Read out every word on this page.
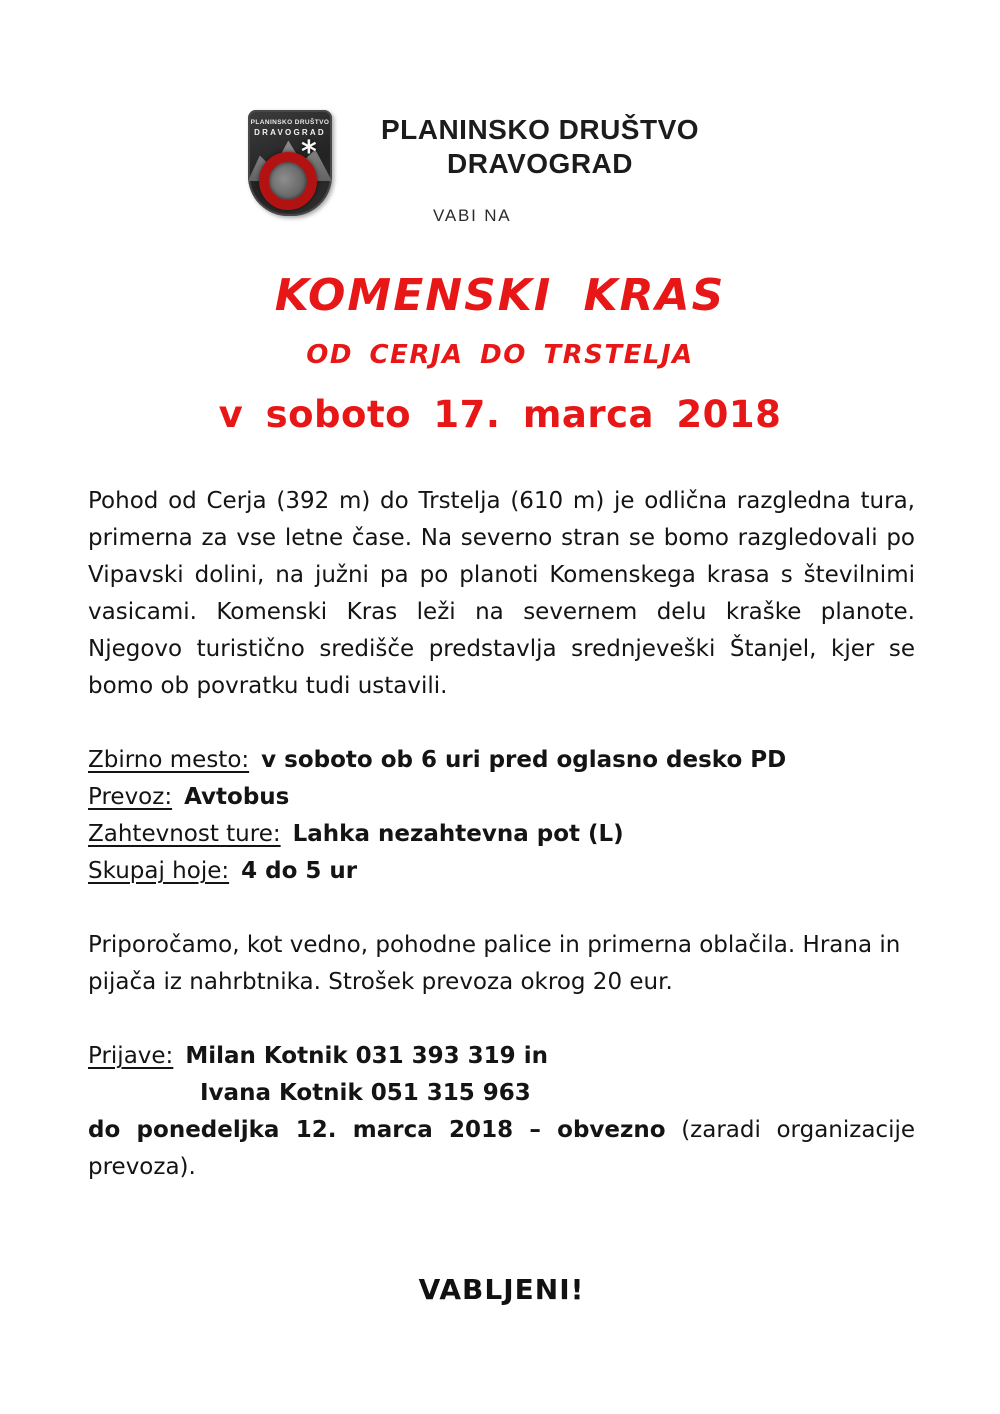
PLANINSKO DRUŠTVO
DRAVOGRAD
*
PLANINSKO DRUŠTVO
DRAVOGRAD
VABI NA
KOMENSKI KRAS
OD CERJA DO TRSTELJA
v soboto 17. marca 2018

Pohod od Cerja (392 m) do Trstelja (610 m) je odlična razgledna tura, primerna za vse letne čase. Na severno stran se bomo razgledovali po Vipavski dolini, na južni pa po planoti Komenskega krasa s številnimi vasicami. Komenski Kras leži na severnem delu kraške planote. Njegovo turistično središče predstavlja srednjeveški Štanjel, kjer se bomo ob povratku tudi ustavili.

Zbirno mesto: v soboto ob 6 uri pred oglasno desko PD
Prevoz: Avtobus
Zahtevnost ture: Lahka nezahtevna pot (L)
Skupaj hoje: 4 do 5 ur

Priporočamo, kot vedno, pohodne palice in primerna oblačila. Hrana in pijača iz nahrbtnika. Strošek prevoza okrog 20 eur.

Prijave: Milan Kotnik 031 393 319 in
Ivana Kotnik 051 315 963
do ponedeljka 12. marca 2018 – obvezno (zaradi organizacije prevoza).
VABLJENI!
